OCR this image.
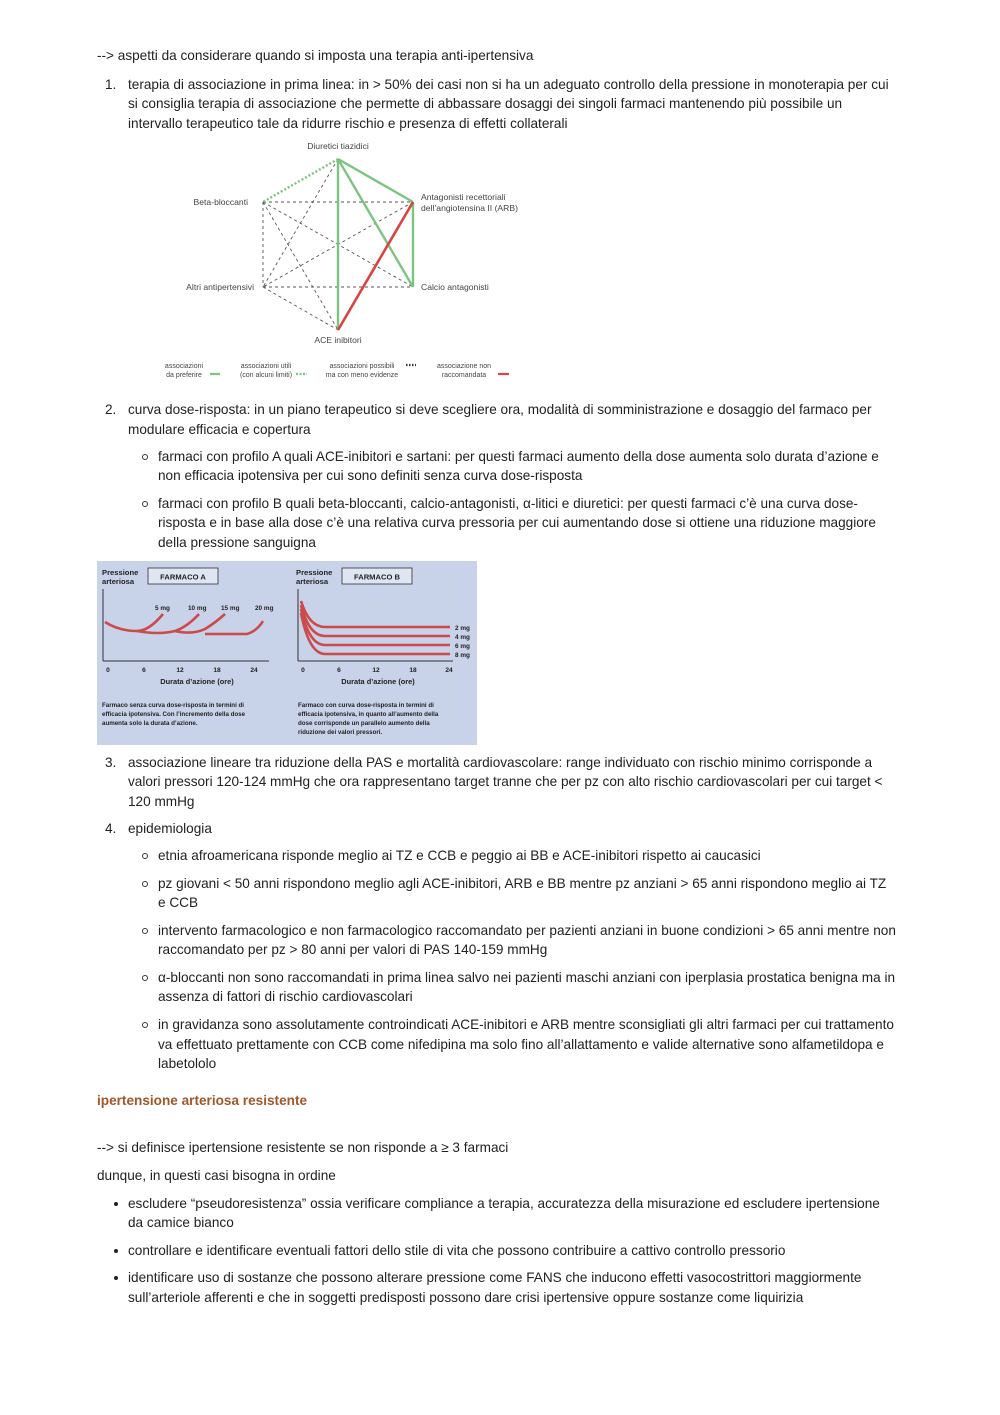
--> aspetti da considerare quando si imposta una terapia anti-ipertensiva

1. terapia di associazione in prima linea: in > 50% dei casi non si ha un adeguato controllo della pressione in monoterapia per cui si consiglia terapia di associazione che permette di abbassare dosaggi dei singoli farmaci mantenendo più possibile un intervallo terapeutico tale da ridurre rischio e presenza di effetti collaterali

Diuretici tiazidici
Beta-bloccanti	Antagonisti recettoriali
dell’angiotensina II (ARB)
Altri antipertensivi	Calcio antagonisti
ACE inibitori
associazioni
da preferire
associazioni utili
(con alcuni limiti)
associazioni possibili
ma con meno evidenze
associazione non
raccomandata
2. curva dose-risposta: in un piano terapeutico si deve scegliere ora, modalità di somministrazione e dosaggio del farmaco per modulare efficacia e copertura

farmaci con profilo A quali ACE-inibitori e sartani: per questi farmaci aumento della dose aumenta solo durata d’azione e non efficacia ipotensiva per cui sono definiti senza curva dose-risposta
farmaci con profilo B quali beta-bloccanti, calcio-antagonisti, α-litici e diuretici: per questi farmaci c’è una curva dose-risposta e in base alla dose c’è una relativa curva pressoria per cui aumentando dose si ottiene una riduzione maggiore della pressione sanguigna
Pressione
arteriosa	FARMACO A
5 mg	10 mg 15 mg 20 mg
0	6	12	18	24
Durata d’azione (ore)
Farmaco senza curva dose-risposta in termini di
efficacia ipotensiva. Con l’incremento della dose
aumenta solo la durata d’azione.
Pressione
arteriosa	FARMACO B
2 mg
4 mg
6 mg
8 mg
0	6	12	18	24
Durata d’azione (ore)
Farmaco con curva dose-risposta in termini di
efficacia ipotensiva, in quanto all’aumento della
dose corrisponde un parallelo aumento della
riduzione dei valori pressori.
3. associazione lineare tra riduzione della PAS e mortalità cardiovascolare: range individuato con rischio minimo corrisponde a valori pressori 120-124 mmHg che ora rappresentano target tranne che per pz con alto rischio cardiovascolari per cui target < 120 mmHg

4. epidemiologia

etnia afroamericana risponde meglio ai TZ e CCB e peggio ai BB e ACE-inibitori rispetto ai caucasici
pz giovani < 50 anni rispondono meglio agli ACE-inibitori, ARB e BB mentre pz anziani > 65 anni rispondono meglio ai TZ e CCB
intervento farmacologico e non farmacologico raccomandato per pazienti anziani in buone condizioni > 65 anni mentre non raccomandato per pz > 80 anni per valori di PAS 140-159 mmHg
α-bloccanti non sono raccomandati in prima linea salvo nei pazienti maschi anziani con iperplasia prostatica benigna ma in assenza di fattori di rischio cardiovascolari
in gravidanza sono assolutamente controindicati ACE-inibitori e ARB mentre sconsigliati gli altri farmaci per cui trattamento va effettuato prettamente con CCB come nifedipina ma solo fino all’allattamento e valide alternative sono alfametildopa e labetololo

ipertensione arteriosa resistente

--> si definisce ipertensione resistente se non risponde a ≥ 3 farmaci

dunque, in questi casi bisogna in ordine

escludere “pseudoresistenza” ossia verificare compliance a terapia, accuratezza della misurazione ed escludere ipertensione da camice bianco
controllare e identificare eventuali fattori dello stile di vita che possono contribuire a cattivo controllo pressorio
identificare uso di sostanze che possono alterare pressione come FANS che inducono effetti vasocostrittori maggiormente sull’arteriole afferenti e che in soggetti predisposti possono dare crisi ipertensive oppure sostanze come liquirizia
